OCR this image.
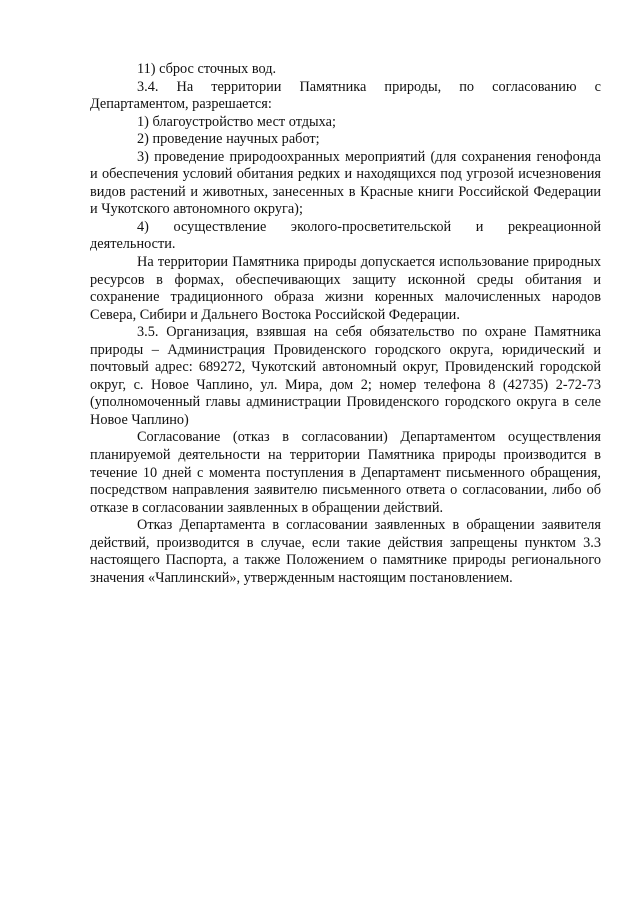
11) сброс сточных вод.

3.4. На территории Памятника природы, по согласованию с Департаментом, разрешается:

1) благоустройство мест отдыха;

2) проведение научных работ;

3) проведение природоохранных мероприятий (для сохранения генофонда и обеспечения условий обитания редких и находящихся под угрозой исчезновения видов растений и животных, занесенных в Красные книги Российской Федерации и Чукотского автономного округа);

4) осуществление эколого-просветительской и рекреационной деятельности.

На территории Памятника природы допускается использование природных ресурсов в формах, обеспечивающих защиту исконной среды обитания и сохранение традиционного образа жизни коренных малочисленных народов Севера, Сибири и Дальнего Востока Российской Федерации.

3.5. Организация, взявшая на себя обязательство по охране Памятника природы – Администрация Провиденского городского округа, юридический и почтовый адрес: 689272, Чукотский автономный округ, Провиденский городской округ, с. Новое Чаплино, ул. Мира, дом 2; номер телефона 8 (42735) 2-72-73 (уполномоченный главы администрации Провиденского городского округа в селе Новое Чаплино)

Согласование (отказ в согласовании) Департаментом осуществления планируемой деятельности на территории Памятника природы производится в течение 10 дней с момента поступления в Департамент письменного обращения, посредством направления заявителю письменного ответа о согласовании, либо об отказе в согласовании заявленных в обращении действий.

Отказ Департамента в согласовании заявленных в обращении заявителя действий, производится в случае, если такие действия запрещены пунктом 3.3 настоящего Паспорта, а также Положением о памятнике природы регионального значения «Чаплинский», утвержденным настоящим постановлением.
